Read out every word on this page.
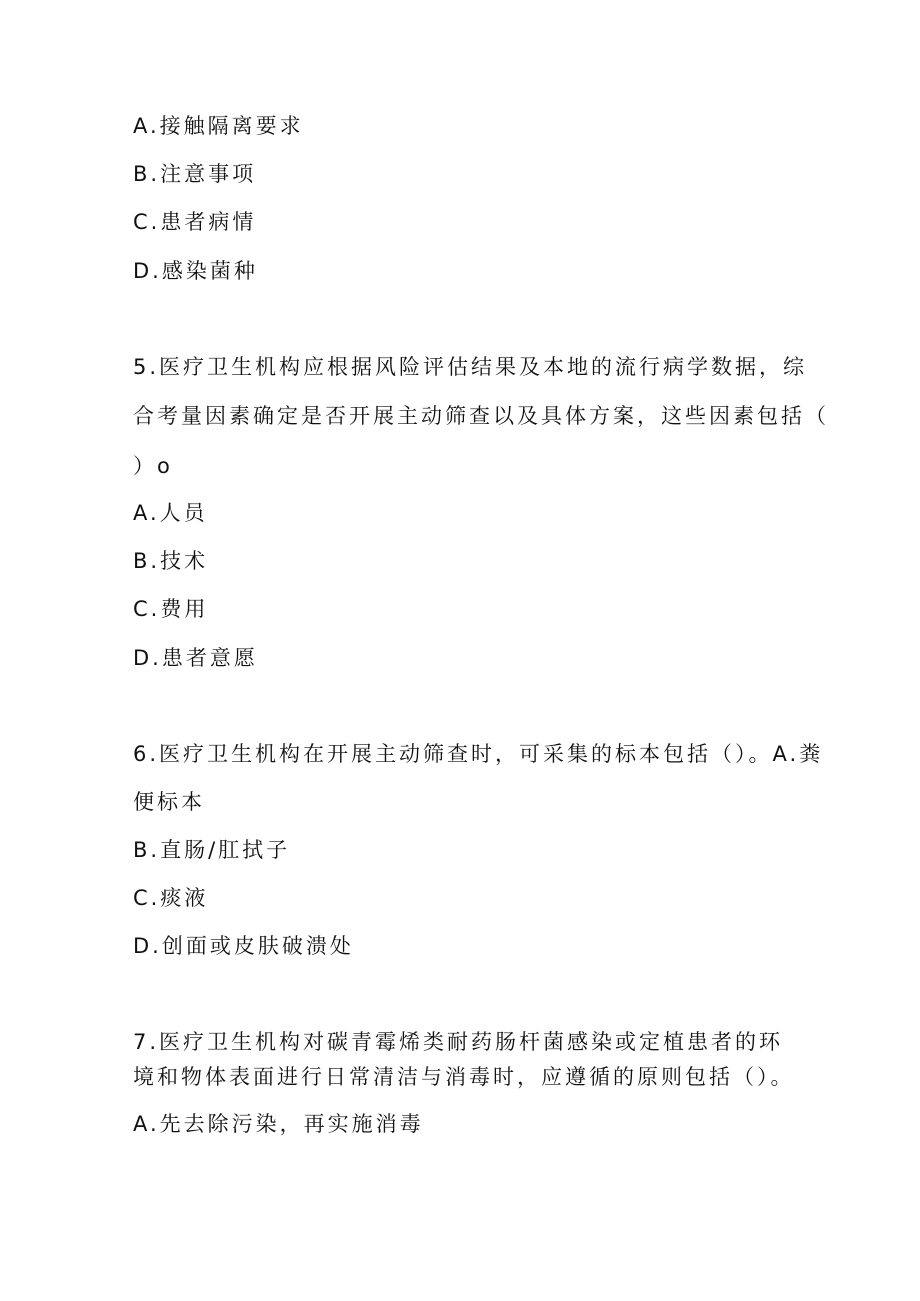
A.接触隔离要求
B.注意事项
C.患者病情
D.感染菌种
5.医疗卫生机构应根据风险评估结果及本地的流行病学数据，综
合考量因素确定是否开展主动筛查以及具体方案，这些因素包括（
）o
A.人员
B.技术
C.费用
D.患者意愿
6.医疗卫生机构在开展主动筛查时，可采集的标本包括（）。A.粪
便标本
B.直肠/肛拭子
C.痰液
D.创面或皮肤破溃处
7.医疗卫生机构对碳青霉烯类耐药肠杆菌感染或定植患者的环
境和物体表面进行日常清洁与消毒时，应遵循的原则包括（）。
A.先去除污染，再实施消毒
